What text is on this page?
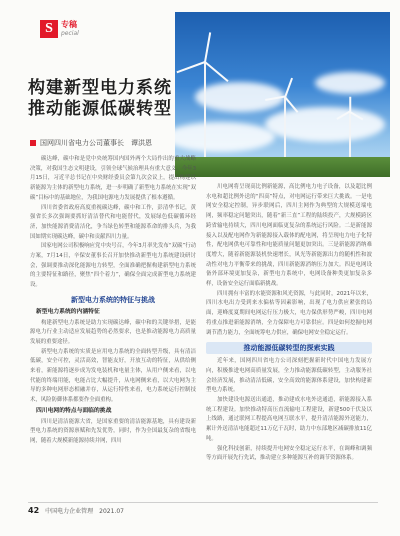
S	专稿
pecial
构建新型电力系统
推动能源低碳转型
国网四川省电力公司董事长　谭洪恩

碳达峰，碳中和是党中央统筹国内国外两个大局作出的重大战略决策，对我国生态文明建设，引领全球气候治理具有重大意义。今年3月15日，习近平总书记在中央财经委员会第九次会议上，提出构建以新能源为主体的新型电力系统，进一步明确了新型电力系统在实现“双碳”目标中的基础地位，为我国电源电力发展提供了根本遵循。

四川省委省政府高度重视碳达峰，碳中和工作，彭清华书记，黄强省长多次强调要抓好清洁替代和电能替代，发展绿色低碳循环经济，加快能源消费清洁化，争当绿色转型和能源革命的排头兵，为我国如期实现碳达峰，碳中和贡献四川力量。

国家电网公司积极响应党中央号召，今年3月率先发布“双碳”行动方案，7月14日，辛保安董事长召开加快推动新型电力系统建设研讨会，强调要推动深化能源电力转型，全面准确把握构建新型电力系统的主要特征和路径，聚焦“四个着力”，确保全面完成新型电力系统建设。

新型电力系统的特征与挑战
新型电力系统的内涵特征

构建新型电力系统是助力实现碳达峰，碳中和的关键举措，是能源电力行业主动适应发展趋势的必然要求，也是推动能源电力高质量发展的重要途径。

新型电力系统的实质是应用电力系统的全面转型升级，具有清洁低碳，安全可控，灵活高效，智能友好，开放互动的特征，从供给侧来看，新能源将逐步成为发电装机和电量主体，从用户侧来看，以电代能的终端用能，电能占比大幅提升，从电网侧来看，以大电网为主导的多种电网形态相融并存，从运行特性来看，电力系统运行控制技术，风险防御体系都要作全面重构。

四川电网的特点与面临的挑战

四川是清洁能源大省，是国家重要的清洁能源基地，具有建设新型电力系统的资源禀赋和先发优势，同时，作为全国最复杂的省级电网，随着大规模新能源持续并网，四川

川电网将呈现高比例新能源，高比例电力电子设备，以及超比例水电和超比例外送的“四高”特点，对电网运行带来巨大挑战。一是电网安全稳定控制，异步联网后，四川主网作为典型的大规模送端电网，频率稳定问题突出，随着“新三直”工程的陆续投产，大规模跨区跨省输电持续大，四川电网面临更复杂的系统运行风险。二是新能源接入以及配电网作为新能源接入载体的配电网，将呈现电力电子化特性，配电网供电可靠性和电能质量问题更加突出。三是新能源消纳难度增大，随着新能源装机快速增长，风光等新能源出力的随机性和波动性对电力平衡带来的挑战，四川新能源消纳压力加大。四是电网设备外部环境更加复杂，新型电力系统中，电网设备种类更加复杂多样，设备安全运行面临新挑战。

四川拥有丰富的水能资源和风光资源，与此同时，2021年以来，四川水电出力受到来水偏枯等因素影响，出现了电力供应紧张的局面，迎峰度夏期间电网运行压力极大，电力保供形势严峻，四川电网将重点推进新能源消纳，全力保障电力可靠供应。四是如何挖掘电网调节潜力能力，全面统筹电力供应，确保电网安全稳定运行。

推动能源低碳转型的探索实践

近年来，国网四川省电力公司深刻把握新时代中国电力发展方向，积极推进电网高质量发展，全力推动能源低碳转型，主动服务社会经济发展，推动清洁低碳，安全高效的能源体系建设，加快构建新型电力系统。

加快建设电源送出通道，推动建成水电外送通道，新能源接入系统工程建设。加快推动特高压直流输电工程建设，新建500千伏及以上线路，通过联网工程提高电网互联水平，提升清洁能源外送能力，累计外送清洁电能超过11万亿千瓦时，助力中东部地区减碳排放11亿吨。

强化科技创新，持续提升电网安全稳定运行水平，在调峰和调频等方面开展先行先试，推动建立多种能源互补的调节资源体系。

42 中国电力企业管理　2021.07
